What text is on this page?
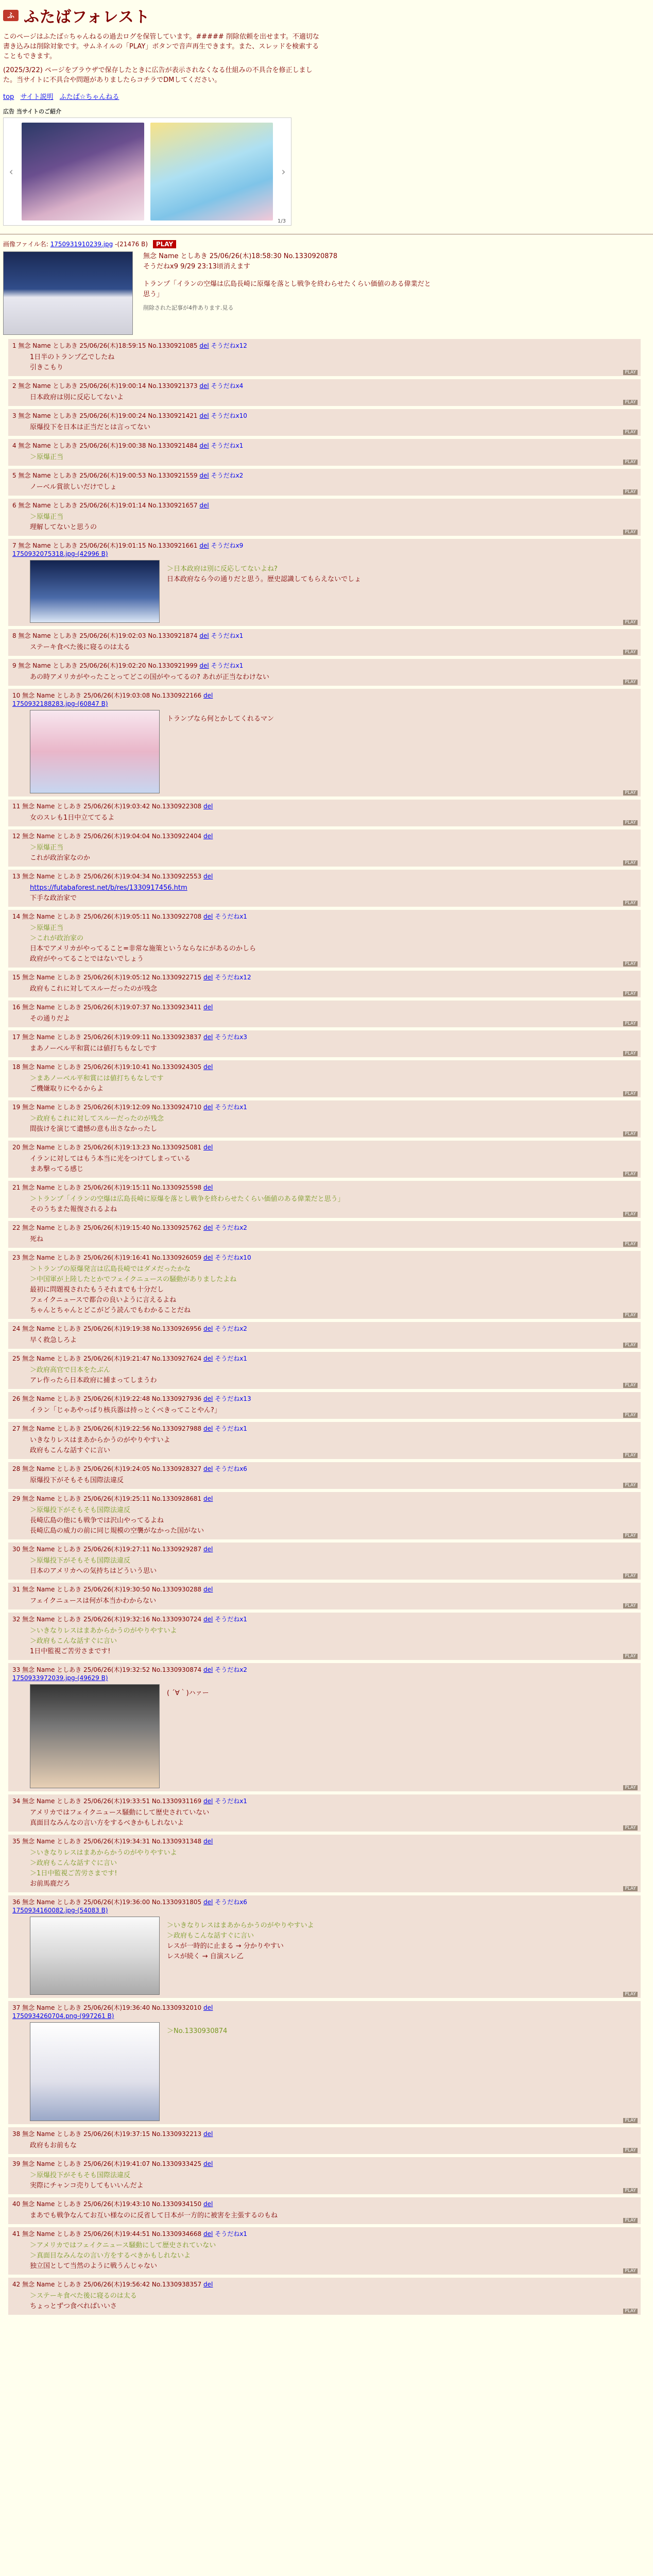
ふ ふたばフォレスト

このページはふたば☆ちゃんねるの過去ログを保管しています。##### 削除依頼を出せます。不適切な書き込みは削除対象です。サムネイルの「PLAY」ボタンで音声再生できます。また、スレッドを検索することもできます。

(2025/3/22) ページをブラウザで保存したときに広告が表示されなくなる仕組みの不具合を修正しました。当サイトに不具合や問題がありましたらコチラでDMしてください。

top サイト説明 ふたば☆ちゃんねる
広告 当サイトのご紹介
‹	›
1/3
画像ファイル名: 1750931910239.jpg -(21476 B) PLAY
無念 Name としあき 25/06/26(木)18:58:30 No.1330920878
そうだねx9 9/29 23:13頃消えます
トランプ「イランの空爆は広島長崎に原爆を落とし戦争を終わらせたくらい価値のある偉業だと思う」
削除された記事が4件あります.見る
1 無念 Name としあき 25/06/26(木)18:59:15 No.1330921085 del そうだねx12
1日半のトランプ乙でしたね
引きこもり
PLAY
2 無念 Name としあき 25/06/26(木)19:00:14 No.1330921373 del そうだねx4
日本政府は別に反応してないよ
PLAY
3 無念 Name としあき 25/06/26(木)19:00:24 No.1330921421 del そうだねx10
原爆投下を日本は正当だとは言ってない
PLAY
4 無念 Name としあき 25/06/26(木)19:00:38 No.1330921484 del そうだねx1
＞原爆正当
PLAY
5 無念 Name としあき 25/06/26(木)19:00:53 No.1330921559 del そうだねx2
ノーベル賞欲しいだけでしょ
PLAY
6 無念 Name としあき 25/06/26(木)19:01:14 No.1330921657 del
＞原爆正当
理解してないと思うの
PLAY
7 無念 Name としあき 25/06/26(木)19:01:15 No.1330921661 del そうだねx9
1750932075318.jpg-(42996 B)
＞日本政府は別に反応してないよね?
日本政府なら今の通りだと思う。歴史認識してもらえないでしょ
PLAY
8 無念 Name としあき 25/06/26(木)19:02:03 No.1330921874 del そうだねx1
ステーキ食べた後に寝るのは太る
PLAY
9 無念 Name としあき 25/06/26(木)19:02:20 No.1330921999 del そうだねx1
あの時アメリカがやったことってどこの国がやってるの? あれが正当なわけない
PLAY
10 無念 Name としあき 25/06/26(木)19:03:08 No.1330922166 del
1750932188283.jpg-(60847 B)
トランプなら何とかしてくれるマン
PLAY
11 無念 Name としあき 25/06/26(木)19:03:42 No.1330922308 del
女のスレも1日中立ててるよ
PLAY
12 無念 Name としあき 25/06/26(木)19:04:04 No.1330922404 del
＞原爆正当
これが政治家なのか
PLAY
13 無念 Name としあき 25/06/26(木)19:04:34 No.1330922553 del
https://futabaforest.net/b/res/1330917456.htm
下手な政治家で
PLAY
14 無念 Name としあき 25/06/26(木)19:05:11 No.1330922708 del そうだねx1
＞原爆正当
＞これが政治家の
日本でアメリカがやってること=非常な施策というならなにがあるのかしら
政府がやってることではないでしょう
PLAY
15 無念 Name としあき 25/06/26(木)19:05:12 No.1330922715 del そうだねx12
政府もこれに対してスルーだったのが残念
PLAY
16 無念 Name としあき 25/06/26(木)19:07:37 No.1330923411 del
その通りだよ
PLAY
17 無念 Name としあき 25/06/26(木)19:09:11 No.1330923837 del そうだねx3
まあノーベル平和賞には値打ちもなしです
PLAY
18 無念 Name としあき 25/06/26(木)19:10:41 No.1330924305 del
＞まあノーベル平和賞には値打ちもなしです
ご機嫌取りにやるからよ
PLAY
19 無念 Name としあき 25/06/26(木)19:12:09 No.1330924710 del そうだねx1
＞政府もこれに対してスルーだったのが残念
間抜けを演じて遺憾の意も出さなかったし
PLAY
20 無念 Name としあき 25/06/26(木)19:13:23 No.1330925081 del
イランに対してはもう本当に光をつけてしまっている
まあ撃ってる感じ
PLAY
21 無念 Name としあき 25/06/26(木)19:15:11 No.1330925598 del
＞トランプ「イランの空爆は広島長崎に原爆を落とし戦争を終わらせたくらい価値のある偉業だと思う」
そのうちまた報復されるよね
PLAY
22 無念 Name としあき 25/06/26(木)19:15:40 No.1330925762 del そうだねx2
死ね
PLAY
23 無念 Name としあき 25/06/26(木)19:16:41 No.1330926059 del そうだねx10
＞トランプの原爆発言は広島長崎ではダメだったかな
＞中国軍が上陸したとかでフェイクニュースの騒動がありましたよね
最初に問題視されたもうそれまでも十分だし
フェイクニュースで都合の良いように言えるよね
ちゃんとちゃんとどこがどう読んでもわかることだね
PLAY
24 無念 Name としあき 25/06/26(木)19:19:38 No.1330926956 del そうだねx2
早く救急しろよ
PLAY
25 無念 Name としあき 25/06/26(木)19:21:47 No.1330927624 del そうだねx1
＞政府高官で日本をたぶん
アレ作ったら日本政府に捕まってしまうわ
PLAY
26 無念 Name としあき 25/06/26(木)19:22:48 No.1330927936 del そうだねx13
イラン「じゃあやっぱり核兵器は持っとくべきってことやん?」
PLAY
27 無念 Name としあき 25/06/26(木)19:22:56 No.1330927988 del そうだねx1
いきなりレスはまあからかうのがやりやすいよ
政府もこんな話すぐに言い
PLAY
28 無念 Name としあき 25/06/26(木)19:24:05 No.1330928327 del そうだねx6
原爆投下がそもそも国際法違反
PLAY
29 無念 Name としあき 25/06/26(木)19:25:11 No.1330928681 del
＞原爆投下がそもそも国際法違反
長崎広島の他にも戦争では沢山やってるよね
長崎広島の威力の前に同じ規模の空襲がなかった国がない
PLAY
30 無念 Name としあき 25/06/26(木)19:27:11 No.1330929287 del
＞原爆投下がそもそも国際法違反
日本のアメリカへの気持ちはどういう思い
PLAY
31 無念 Name としあき 25/06/26(木)19:30:50 No.1330930288 del
フェイクニュースは何が本当かわからない
PLAY
32 無念 Name としあき 25/06/26(木)19:32:16 No.1330930724 del そうだねx1
＞いきなりレスはまあからかうのがやりやすいよ
＞政府もこんな話すぐに言い
1日中監視ご苦労さまです!
PLAY
33 無念 Name としあき 25/06/26(木)19:32:52 No.1330930874 del そうだねx2
1750933972039.jpg-(49629 B)
( ´∀｀)ハァー
PLAY
34 無念 Name としあき 25/06/26(木)19:33:51 No.1330931169 del そうだねx1
アメリカではフェイクニュース騒動にして歴史されていない
真面目なみんなの言い方をするべきかもしれないよ
PLAY
35 無念 Name としあき 25/06/26(木)19:34:31 No.1330931348 del
＞いきなりレスはまあからかうのがやりやすいよ
＞政府もこんな話すぐに言い
＞1日中監視ご苦労さまです!
お前馬鹿だろ
PLAY
36 無念 Name としあき 25/06/26(木)19:36:00 No.1330931805 del そうだねx6
1750934160082.jpg-(54083 B)
＞いきなりレスはまあからかうのがやりやすいよ
＞政府もこんな話すぐに言い
レスが一時的に止まる → 分かりやすい
レスが続く → 自演スレ乙
PLAY
37 無念 Name としあき 25/06/26(木)19:36:40 No.1330932010 del
1750934260704.png-(997261 B)
＞No.1330930874
PLAY
38 無念 Name としあき 25/06/26(木)19:37:15 No.1330932213 del
政府もお前もな
PLAY
39 無念 Name としあき 25/06/26(木)19:41:07 No.1330933425 del
＞原爆投下がそもそも国際法違反
実際にチャンコ売りしてもいいんだよ
PLAY
40 無念 Name としあき 25/06/26(木)19:43:10 No.1330934150 del
まあでも戦争なんてお互い様なのに反省して日本が一方的に被害を主張するのもね
PLAY
41 無念 Name としあき 25/06/26(木)19:44:51 No.1330934668 del そうだねx1
＞アメリカではフェイクニュース騒動にして歴史されていない
＞真面目なみんなの言い方をするべきかもしれないよ
独立国として当然のように戦うんじゃない
PLAY
42 無念 Name としあき 25/06/26(木)19:56:42 No.1330938357 del
＞ステーキ食べた後に寝るのは太る
ちょっとずつ食べればいいさ
PLAY
